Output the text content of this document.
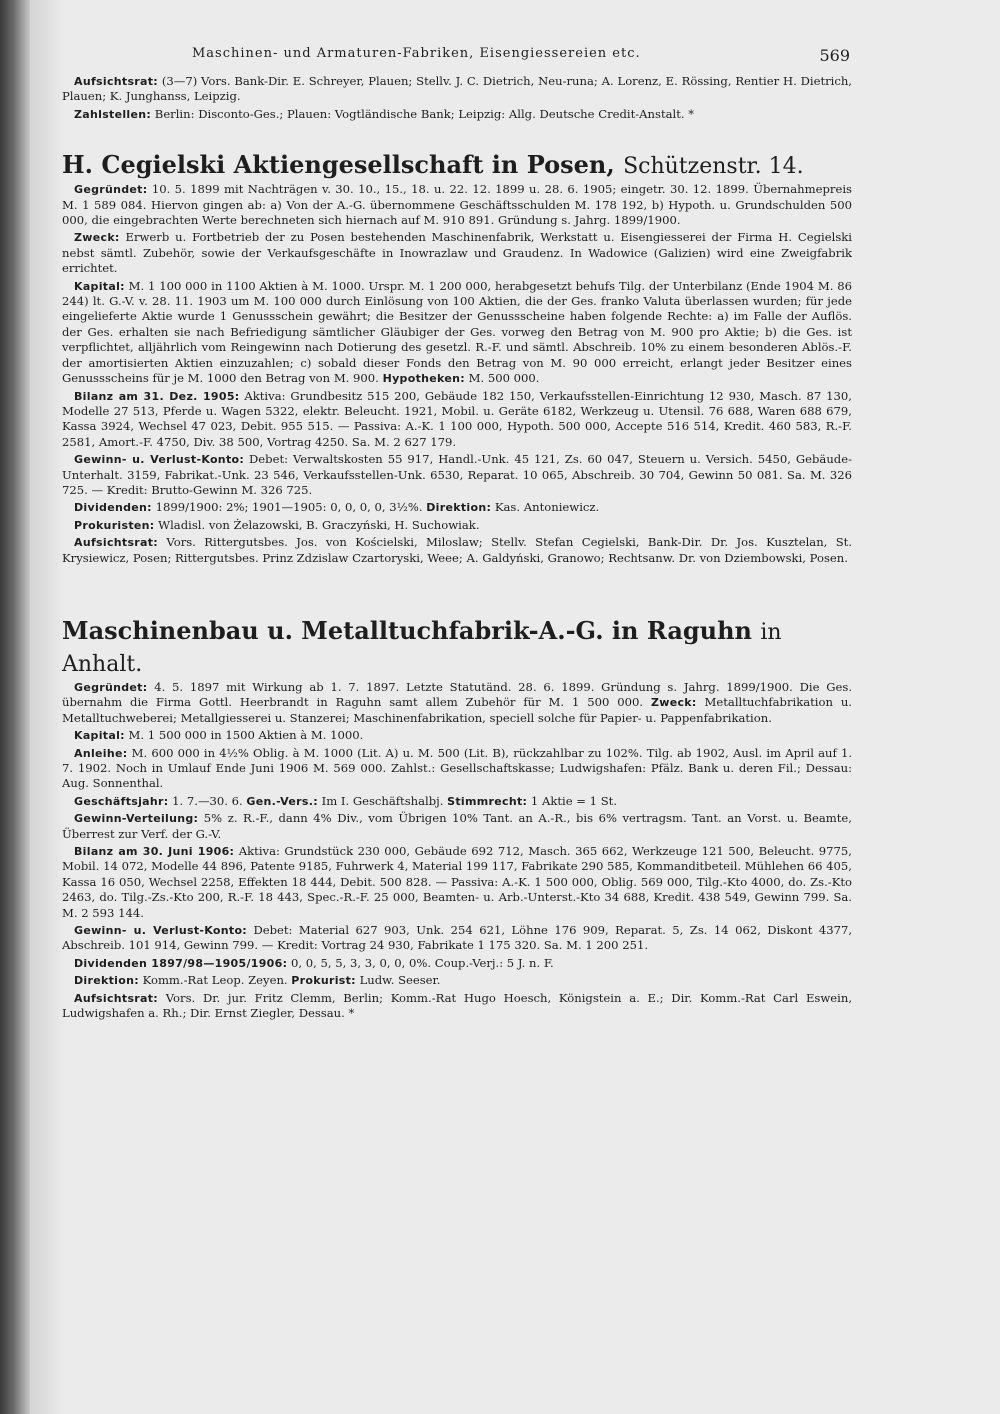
Maschinen- und Armaturen-Fabriken, Eisengiessereien etc.	569

Aufsichtsrat: (3—7) Vors. Bank-Dir. E. Schreyer, Plauen; Stellv. J. C. Dietrich, Neu-runa; A. Lorenz, E. Rössing, Rentier H. Dietrich, Plauen; K. Junghanss, Leipzig.

Zahlstellen: Berlin: Disconto-Ges.; Plauen: Vogtländische Bank; Leipzig: Allg. Deutsche Credit-Anstalt. *

H. Cegielski Aktiengesellschaft in Posen, Schützenstr. 14.

Gegründet: 10. 5. 1899 mit Nachträgen v. 30. 10., 15., 18. u. 22. 12. 1899 u. 28. 6. 1905; eingetr. 30. 12. 1899. Übernahmepreis M. 1 589 084. Hiervon gingen ab: a) Von der A.-G. übernommene Geschäftsschulden M. 178 192, b) Hypoth. u. Grundschulden 500 000, die eingebrachten Werte berechneten sich hiernach auf M. 910 891. Gründung s. Jahrg. 1899/1900.

Zweck: Erwerb u. Fortbetrieb der zu Posen bestehenden Maschinenfabrik, Werkstatt u. Eisengiesserei der Firma H. Cegielski nebst sämtl. Zubehör, sowie der Verkaufsgeschäfte in Inowrazlaw und Graudenz. In Wadowice (Galizien) wird eine Zweigfabrik errichtet.

Kapital: M. 1 100 000 in 1100 Aktien à M. 1000. Urspr. M. 1 200 000, herabgesetzt behufs Tilg. der Unterbilanz (Ende 1904 M. 86 244) lt. G.-V. v. 28. 11. 1903 um M. 100 000 durch Einlösung von 100 Aktien, die der Ges. franko Valuta überlassen wurden; für jede eingelieferte Aktie wurde 1 Genussschein gewährt; die Besitzer der Genussscheine haben folgende Rechte: a) im Falle der Auflös. der Ges. erhalten sie nach Befriedigung sämtlicher Gläubiger der Ges. vorweg den Betrag von M. 900 pro Aktie; b) die Ges. ist verpflichtet, alljährlich vom Reingewinn nach Dotierung des gesetzl. R.-F. und sämtl. Abschreib. 10% zu einem besonderen Ablös.-F. der amortisierten Aktien einzuzahlen; c) sobald dieser Fonds den Betrag von M. 90 000 erreicht, erlangt jeder Besitzer eines Genussscheins für je M. 1000 den Betrag von M. 900. Hypotheken: M. 500 000.

Bilanz am 31. Dez. 1905: Aktiva: Grundbesitz 515 200, Gebäude 182 150, Verkaufsstellen-Einrichtung 12 930, Masch. 87 130, Modelle 27 513, Pferde u. Wagen 5322, elektr. Beleucht. 1921, Mobil. u. Geräte 6182, Werkzeug u. Utensil. 76 688, Waren 688 679, Kassa 3924, Wechsel 47 023, Debit. 955 515. — Passiva: A.-K. 1 100 000, Hypoth. 500 000, Accepte 516 514, Kredit. 460 583, R.-F. 2581, Amort.-F. 4750, Div. 38 500, Vortrag 4250. Sa. M. 2 627 179.

Gewinn- u. Verlust-Konto: Debet: Verwaltskosten 55 917, Handl.-Unk. 45 121, Zs. 60 047, Steuern u. Versich. 5450, Gebäude-Unterhalt. 3159, Fabrikat.-Unk. 23 546, Verkaufsstellen-Unk. 6530, Reparat. 10 065, Abschreib. 30 704, Gewinn 50 081. Sa. M. 326 725. — Kredit: Brutto-Gewinn M. 326 725.

Dividenden: 1899/1900: 2%; 1901—1905: 0, 0, 0, 0, 3½%. Direktion: Kas. Antoniewicz.

Prokuristen: Wladisl. von Żelazowski, B. Graczyński, H. Suchowiak.

Aufsichtsrat: Vors. Rittergutsbes. Jos. von Kościelski, Miloslaw; Stellv. Stefan Cegielski, Bank-Dir. Dr. Jos. Kusztelan, St. Krysiewicz, Posen; Rittergutsbes. Prinz Zdzislaw Czartoryski, Weee; A. Galdyński, Granowo; Rechtsanw. Dr. von Dziembowski, Posen.

Maschinenbau u. Metalltuchfabrik-A.-G. in Raguhn in Anhalt.

Gegründet: 4. 5. 1897 mit Wirkung ab 1. 7. 1897. Letzte Statutänd. 28. 6. 1899. Gründung s. Jahrg. 1899/1900. Die Ges. übernahm die Firma Gottl. Heerbrandt in Raguhn samt allem Zubehör für M. 1 500 000. Zweck: Metalltuchfabrikation u. Metalltuchweberei; Metallgiesserei u. Stanzerei; Maschinenfabrikation, speciell solche für Papier- u. Pappenfabrikation.

Kapital: M. 1 500 000 in 1500 Aktien à M. 1000.

Anleihe: M. 600 000 in 4½% Oblig. à M. 1000 (Lit. A) u. M. 500 (Lit. B), rückzahlbar zu 102%. Tilg. ab 1902, Ausl. im April auf 1. 7. 1902. Noch in Umlauf Ende Juni 1906 M. 569 000. Zahlst.: Gesellschaftskasse; Ludwigshafen: Pfälz. Bank u. deren Fil.; Dessau: Aug. Sonnenthal.

Geschäftsjahr: 1. 7.—30. 6. Gen.-Vers.: Im I. Geschäftshalbj. Stimmrecht: 1 Aktie = 1 St.

Gewinn-Verteilung: 5% z. R.-F., dann 4% Div., vom Übrigen 10% Tant. an A.-R., bis 6% vertragsm. Tant. an Vorst. u. Beamte, Überrest zur Verf. der G.-V.

Bilanz am 30. Juni 1906: Aktiva: Grundstück 230 000, Gebäude 692 712, Masch. 365 662, Werkzeuge 121 500, Beleucht. 9775, Mobil. 14 072, Modelle 44 896, Patente 9185, Fuhrwerk 4, Material 199 117, Fabrikate 290 585, Kommanditbeteil. Mühlehen 66 405, Kassa 16 050, Wechsel 2258, Effekten 18 444, Debit. 500 828. — Passiva: A.-K. 1 500 000, Oblig. 569 000, Tilg.-Kto 4000, do. Zs.-Kto 2463, do. Tilg.-Zs.-Kto 200, R.-F. 18 443, Spec.-R.-F. 25 000, Beamten- u. Arb.-Unterst.-Kto 34 688, Kredit. 438 549, Gewinn 799. Sa. M. 2 593 144.

Gewinn- u. Verlust-Konto: Debet: Material 627 903, Unk. 254 621, Löhne 176 909, Reparat. 5, Zs. 14 062, Diskont 4377, Abschreib. 101 914, Gewinn 799. — Kredit: Vortrag 24 930, Fabrikate 1 175 320. Sa. M. 1 200 251.

Dividenden 1897/98—1905/1906: 0, 0, 5, 5, 3, 3, 0, 0, 0%. Coup.-Verj.: 5 J. n. F.

Direktion: Komm.-Rat Leop. Zeyen. Prokurist: Ludw. Seeser.

Aufsichtsrat: Vors. Dr. jur. Fritz Clemm, Berlin; Komm.-Rat Hugo Hoesch, Königstein a. E.; Dir. Komm.-Rat Carl Eswein, Ludwigshafen a. Rh.; Dir. Ernst Ziegler, Dessau. *
